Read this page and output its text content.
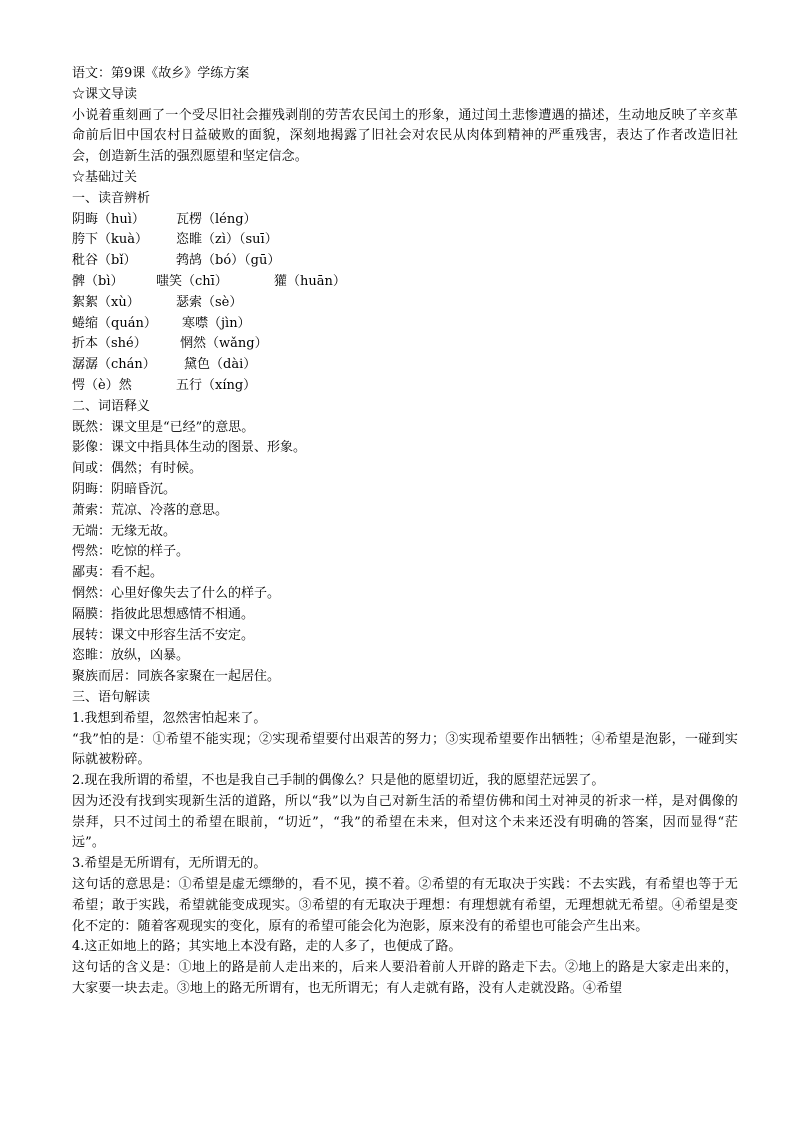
语文：第9课《故乡》学练方案
☆课文导读
小说着重刻画了一个受尽旧社会摧残剥削的劳苦农民闰土的形象，通过闰土悲惨遭遇的描述，生动地反映了辛亥革命前后旧中国农村日益破败的面貌，深刻地揭露了旧社会对农民从肉体到精神的严重残害，表达了作者改造旧社会，创造新生活的强烈愿望和坚定信念。
☆基础过关
一、读音辨析
阴晦（huì）	瓦楞（léng）
胯下（kuà）	恣睢（zì）（suī）
秕谷（bǐ）	鹁鸪（bó）（gū）
髀（bì）	嗤笑（chī）	獾（huān）
絮絮（xù）	瑟索（sè）
蜷缩（quán）	寒噤（jìn）
折本（shé）	惘然（wǎng）
潺潺（chán）	黛色（dài）
愕（è）然	五行（xíng）
二、词语释义
既然：课文里是“已经”的意思。
影像：课文中指具体生动的图景、形象。
间或：偶然；有时候。
阴晦：阴暗昏沉。
萧索：荒凉、冷落的意思。
无端：无缘无故。
愕然：吃惊的样子。
鄙夷：看不起。
惘然：心里好像失去了什么的样子。
隔膜：指彼此思想感情不相通。
展转：课文中形容生活不安定。
恣睢：放纵，凶暴。
聚族而居：同族各家聚在一起居住。
三、语句解读
1.我想到希望，忽然害怕起来了。
“我”怕的是：①希望不能实现；②实现希望要付出艰苦的努力；③实现希望要作出牺牲；④希望是泡影，一碰到实际就被粉碎。
2.现在我所谓的希望，不也是我自己手制的偶像么？只是他的愿望切近，我的愿望茫远罢了。
因为还没有找到实现新生活的道路，所以“我”以为自己对新生活的希望仿佛和闰土对神灵的祈求一样，是对偶像的崇拜，只不过闰土的希望在眼前，“切近”，“我”的希望在未来，但对这个未来还没有明确的答案，因而显得“茫远”。
3.希望是无所谓有，无所谓无的。
这句话的意思是：①希望是虚无缥缈的，看不见，摸不着。②希望的有无取决于实践：不去实践，有希望也等于无希望；敢于实践，希望就能变成现实。③希望的有无取决于理想：有理想就有希望，无理想就无希望。④希望是变化不定的：随着客观现实的变化，原有的希望可能会化为泡影，原来没有的希望也可能会产生出来。
4.这正如地上的路；其实地上本没有路，走的人多了，也便成了路。
这句话的含义是：①地上的路是前人走出来的，后来人要沿着前人开辟的路走下去。②地上的路是大家走出来的，大家要一块去走。③地上的路无所谓有，也无所谓无；有人走就有路，没有人走就没路。④希望
